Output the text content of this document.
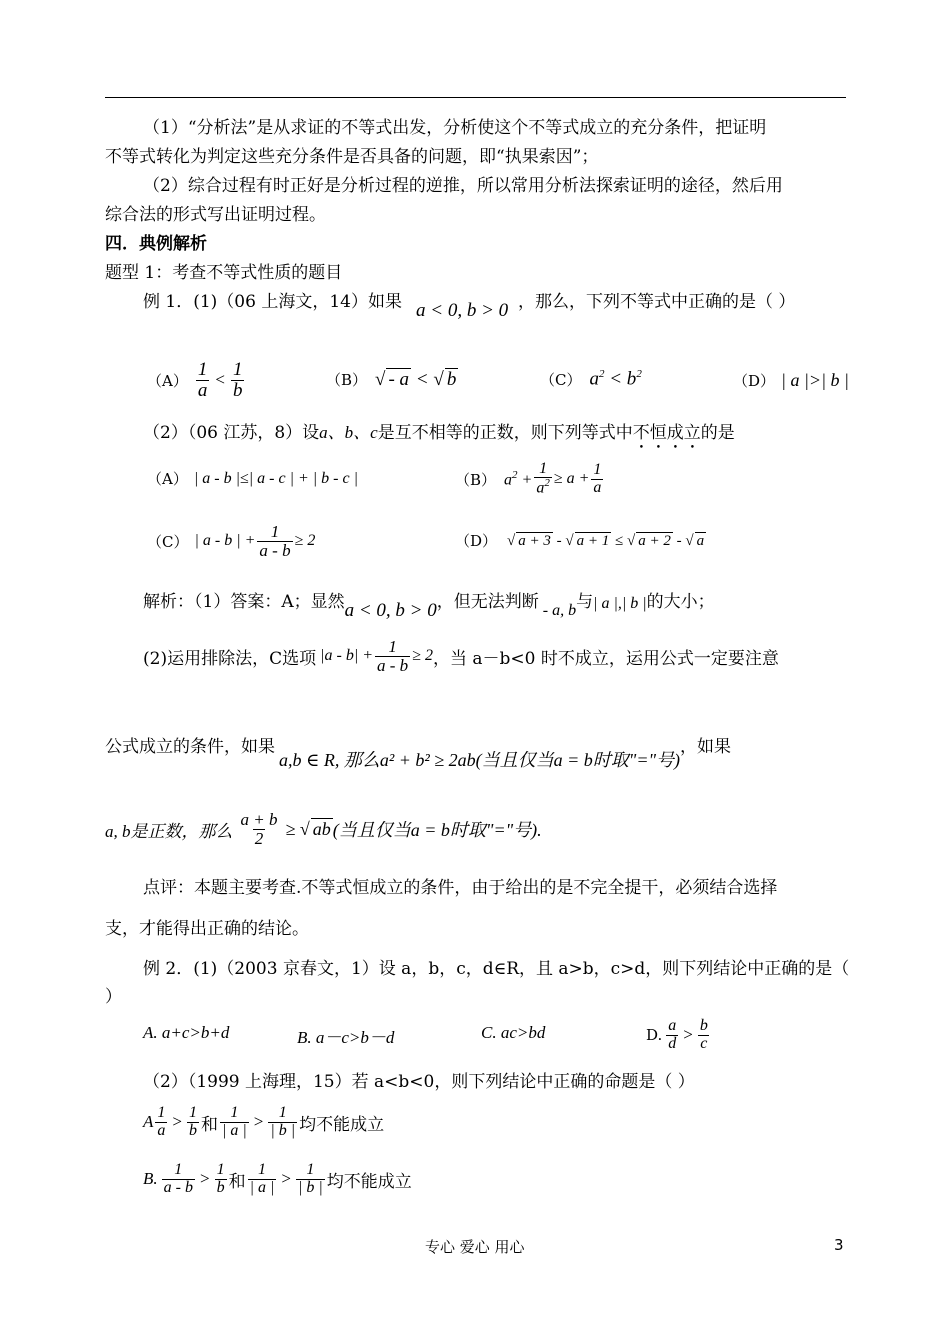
（1）“分析法”是从求证的不等式出发，分析使这个不等式成立的充分条件，把证明
不等式转化为判定这些充分条件是否具备的问题，即“执果索因”；
（2）综合过程有时正好是分析过程的逆推，所以常用分析法探索证明的途径，然后用
综合法的形式写出证明过程。
四．典例解析
题型 1：考查不等式性质的题目
例 1．(1)（06 上海文，14）如果 a < 0, b > 0 ，那么，下列不等式中正确的是（ ）
$(A) \frac{1}{a} < \frac{1}{b}$	（B） √ - a < √ b	（C） $a^2 < b^2$	（D） | a |>| b |
（2）（06 江苏，8）设a、b、c是互不相等的正数，则下列等式中不恒成立的是
（A） | a - b |≤| a - c | + | b - c |	（B） $a^2 + \frac{1}{a^2} \ge a + \frac{1}{a}$
（C） | a - b | + $\frac{1}{a - b} \ge 2$	（D） √ a + 3 - √ a + 1 ≤ √ a + 2 - √ a
解析：（1）答案：A；显然 a < 0, b > 0 ，但无法判断 - a, b 与 | a |,| b | 的大小；
(2)运用排除法，C选项 $|a - b| + \frac{1}{a - b} \ge 2$ ，当 a－b<0 时不成立，运用公式一定要注意
公式成立的条件，如果
a,b ∈ R, 那么a² + b² ≥ 2ab(当且仅当a = b时取"="号)
，如果
a, b是正数，那么 $\frac{a + b}{2}$ ≥ √ ab (当且仅当a = b时取"="号).
点评：本题主要考查.不等式恒成立的条件，由于给出的是不完全提干，必须结合选择
支，才能得出正确的结论。
例 2．(1)（2003 京春文，1）设 a，b，c，d∈R，且 a>b，c>d，则下列结论中正确的是（
）
A. a+c>b+d	B. a－c>b－d	C. ac>bd	D. $\frac{a}{d} > \frac{b}{c}$
（2）（1999 上海理，15）若 a<b<0，则下列结论中正确的命题是（ ）
A $\frac{1}{a} > \frac{1}{b}$ 和 $\frac{1}{| a |} > \frac{1}{| b |}$ 均不能成立
B. $\frac{1}{a - b} > \frac{1}{b}$ 和 $\frac{1}{| a |} > \frac{1}{| b |}$ 均不能成立
专心 爱心 用心	3
